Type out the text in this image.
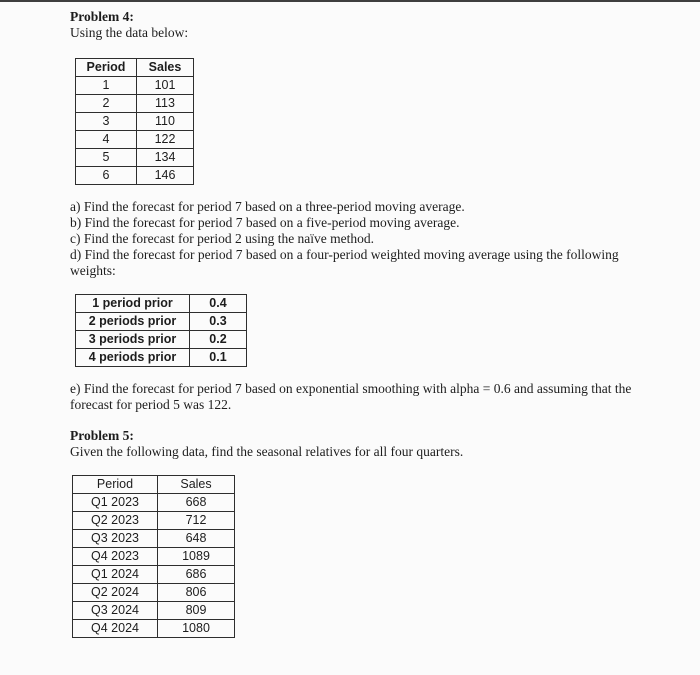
Problem 4:

Using the data below:

Period	Sales
1	101
2	113
3	110
4	122
5	134
6	146
a) Find the forecast for period 7 based on a three-period moving average.
b) Find the forecast for period 7 based on a five-period moving average.
c) Find the forecast for period 2 using the naïve method.
d) Find the forecast for period 7 based on a four-period weighted moving average using the following weights:
1 period prior	0.4
2 periods prior	0.3
3 periods prior	0.2
4 periods prior	0.1
e) Find the forecast for period 7 based on exponential smoothing with alpha = 0.6 and assuming that the forecast for period 5 was 122.

Problem 5:

Given the following data, find the seasonal relatives for all four quarters.

Period	Sales
Q1 2023	668
Q2 2023	712
Q3 2023	648
Q4 2023	1089
Q1 2024	686
Q2 2024	806
Q3 2024	809
Q4 2024	1080
